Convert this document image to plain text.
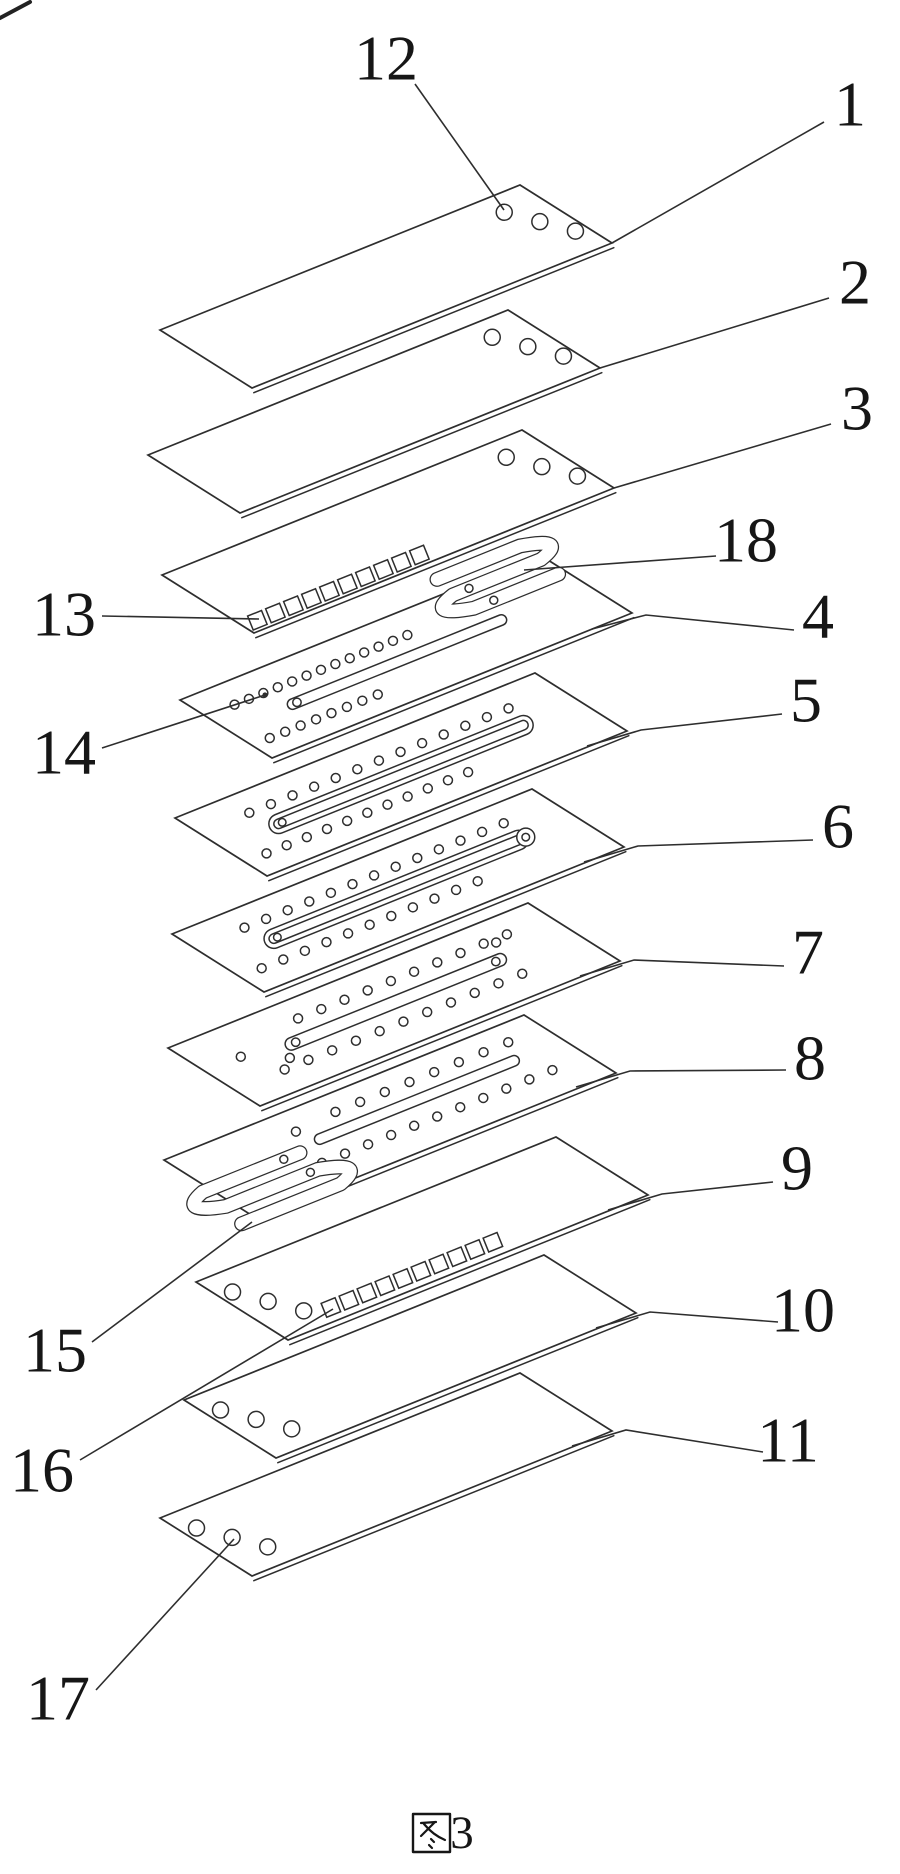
12
1
2
3
13
18
4
14
5
6
7
8
9
15
10
16	11
17
3
